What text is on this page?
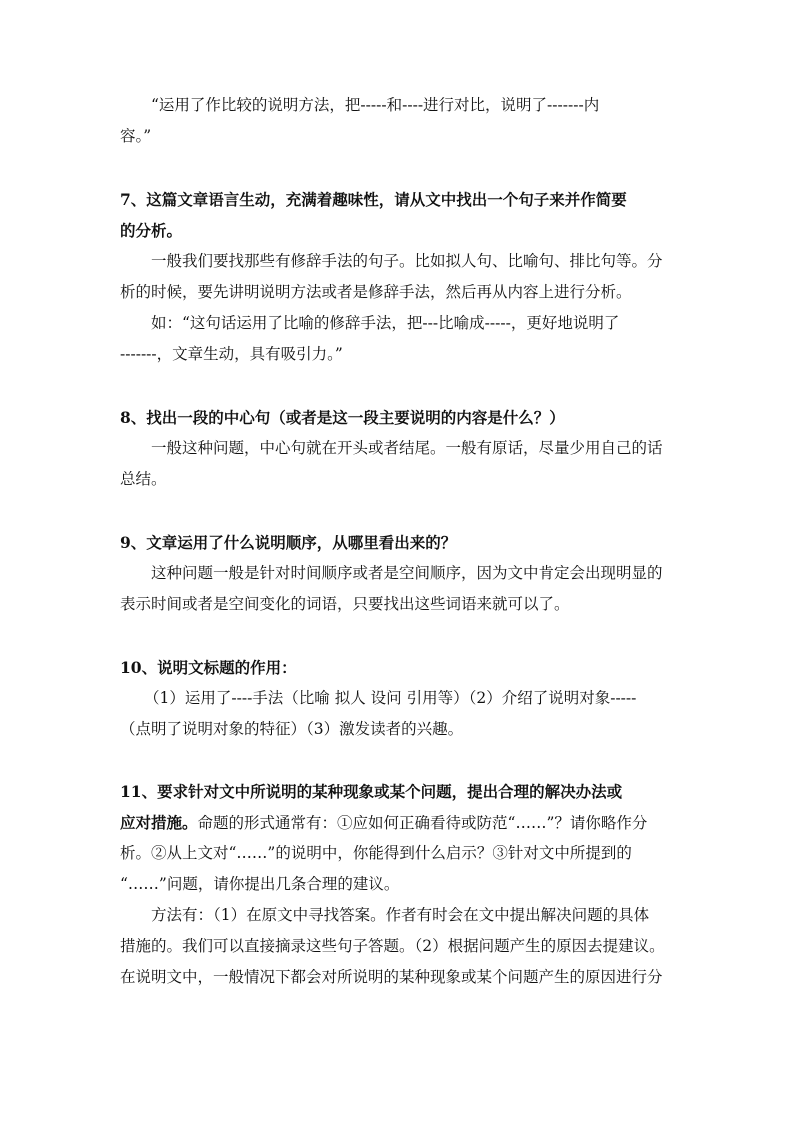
“运用了作比较的说明方法，把-----和----进行对比，说明了-------内
容。”
7、这篇文章语言生动，充满着趣味性，请从文中找出一个句子来并作简要
的分析。
一般我们要找那些有修辞手法的句子。比如拟人句、比喻句、排比句等。分
析的时候，要先讲明说明方法或者是修辞手法，然后再从内容上进行分析。
如：“这句话运用了比喻的修辞手法，把---比喻成-----，更好地说明了
-------，文章生动，具有吸引力。”
8、找出一段的中心句（或者是这一段主要说明的内容是什么？）
一般这种问题，中心句就在开头或者结尾。一般有原话，尽量少用自己的话
总结。
9、文章运用了什么说明顺序，从哪里看出来的？
这种问题一般是针对时间顺序或者是空间顺序，因为文中肯定会出现明显的
表示时间或者是空间变化的词语，只要找出这些词语来就可以了。
10、说明文标题的作用：
（1）运用了----手法（比喻 拟人 设问 引用等）（2）介绍了说明对象-----
（点明了说明对象的特征）（3）激发读者的兴趣。
11、要求针对文中所说明的某种现象或某个问题，提出合理的解决办法或
应对措施。命题的形式通常有：①应如何正确看待或防范“……”？请你略作分
析。②从上文对“……”的说明中，你能得到什么启示？③针对文中所提到的
“……”问题，请你提出几条合理的建议。
方法有：（1）在原文中寻找答案。作者有时会在文中提出解决问题的具体
措施的。我们可以直接摘录这些句子答题。（2）根据问题产生的原因去提建议。
在说明文中，一般情况下都会对所说明的某种现象或某个问题产生的原因进行分
